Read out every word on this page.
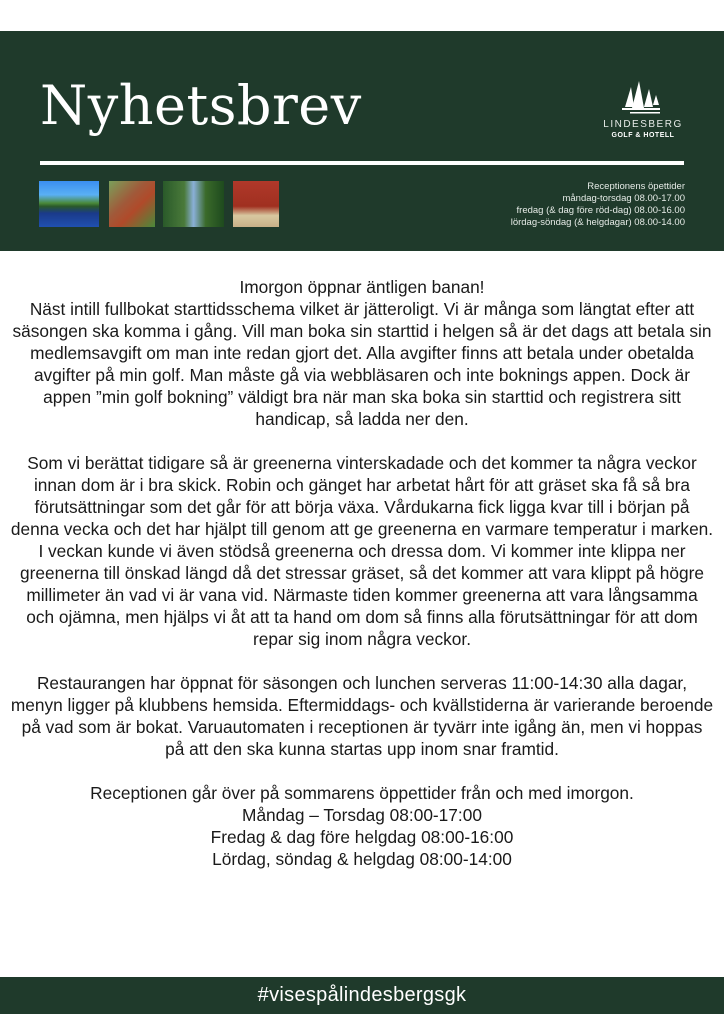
Nyhetsbrev	LINDESBERG
GOLF & HOTELL
Receptionens öpettider
måndag-torsdag 08.00-17.00
fredag (& dag före röd-dag) 08.00-16.00
lördag-söndag (& helgdagar) 08.00-14.00

Imorgon öppnar äntligen banan!
Näst intill fullbokat starttidsschema vilket är jätteroligt. Vi är många som längtat efter att säsongen ska komma i gång. Vill man boka sin starttid i helgen så är det dags att betala sin medlemsavgift om man inte redan gjort det. Alla avgifter finns att betala under obetalda avgifter på min golf. Man måste gå via webbläsaren och inte boknings appen. Dock är appen ”min golf bokning” väldigt bra när man ska boka sin starttid och registrera sitt handicap, så ladda ner den.

Som vi berättat tidigare så är greenerna vinterskadade och det kommer ta några veckor innan dom är i bra skick. Robin och gänget har arbetat hårt för att gräset ska få så bra förutsättningar som det går för att börja växa. Vårdukarna fick ligga kvar till i början på denna vecka och det har hjälpt till genom att ge greenerna en varmare temperatur i marken. I veckan kunde vi även stödså greenerna och dressa dom. Vi kommer inte klippa ner greenerna till önskad längd då det stressar gräset, så det kommer att vara klippt på högre millimeter än vad vi är vana vid. Närmaste tiden kommer greenerna att vara långsamma och ojämna, men hjälps vi åt att ta hand om dom så finns alla förutsättningar för att dom repar sig inom några veckor.

Restaurangen har öppnat för säsongen och lunchen serveras 11:00-14:30 alla dagar, menyn ligger på klubbens hemsida. Eftermiddags- och kvällstiderna är varierande beroende på vad som är bokat. Varuautomaten i receptionen är tyvärr inte igång än, men vi hoppas på att den ska kunna startas upp inom snar framtid.

Receptionen går över på sommarens öppettider från och med imorgon.
Måndag – Torsdag 08:00-17:00
Fredag & dag före helgdag 08:00-16:00
Lördag, söndag & helgdag 08:00-14:00

#visespålindesbergsgk
